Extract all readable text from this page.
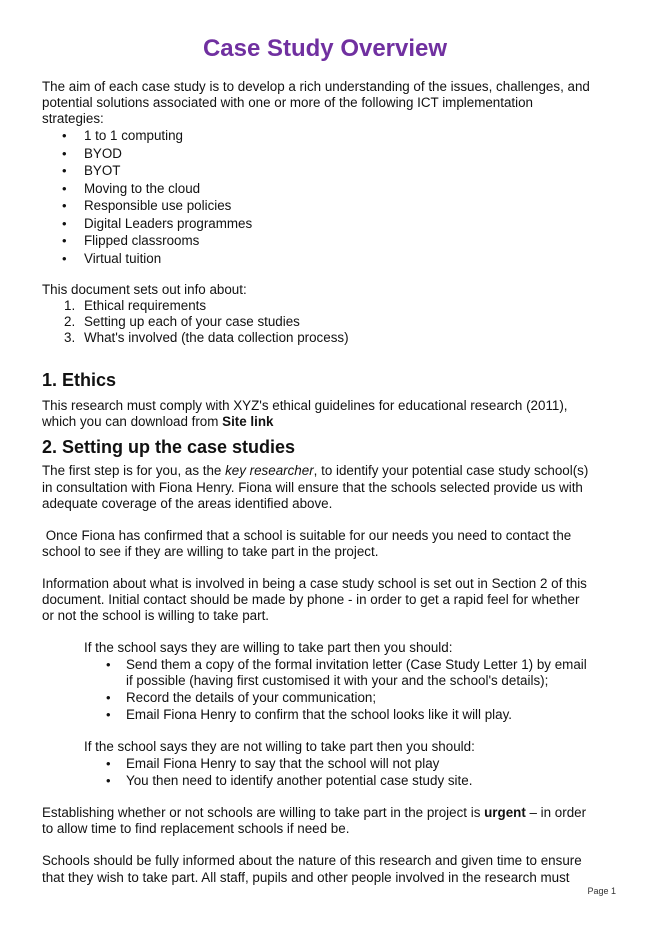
Case Study Overview
The aim of each case study is to develop a rich understanding of the issues, challenges, and
potential solutions associated with one or more of the following ICT implementation
strategies:
• 1 to 1 computing
• BYOD
• BYOT
• Moving to the cloud
• Responsible use policies
• Digital Leaders programmes
• Flipped classrooms
• Virtual tuition
This document sets out info about:
1. Ethical requirements
2. Setting up each of your case studies
3. What's involved (the data collection process)
1. Ethics
This research must comply with XYZ's ethical guidelines for educational research (2011),
which you can download from Site link
2. Setting up the case studies
The first step is for you, as the key researcher, to identify your potential case study school(s)
in consultation with Fiona Henry. Fiona will ensure that the schools selected provide us with
adequate coverage of the areas identified above.
Once Fiona has confirmed that a school is suitable for our needs you need to contact the
school to see if they are willing to take part in the project.
Information about what is involved in being a case study school is set out in Section 2 of this
document. Initial contact should be made by phone - in order to get a rapid feel for whether
or not the school is willing to take part.
If the school says they are willing to take part then you should:
• Send them a copy of the formal invitation letter (Case Study Letter 1) by email
if possible (having first customised it with your and the school's details);
• Record the details of your communication;
• Email Fiona Henry to confirm that the school looks like it will play.
If the school says they are not willing to take part then you should:
• Email Fiona Henry to say that the school will not play
• You then need to identify another potential case study site.
Establishing whether or not schools are willing to take part in the project is urgent – in order
to allow time to find replacement schools if need be.
Schools should be fully informed about the nature of this research and given time to ensure
that they wish to take part. All staff, pupils and other people involved in the research must
Page 1
